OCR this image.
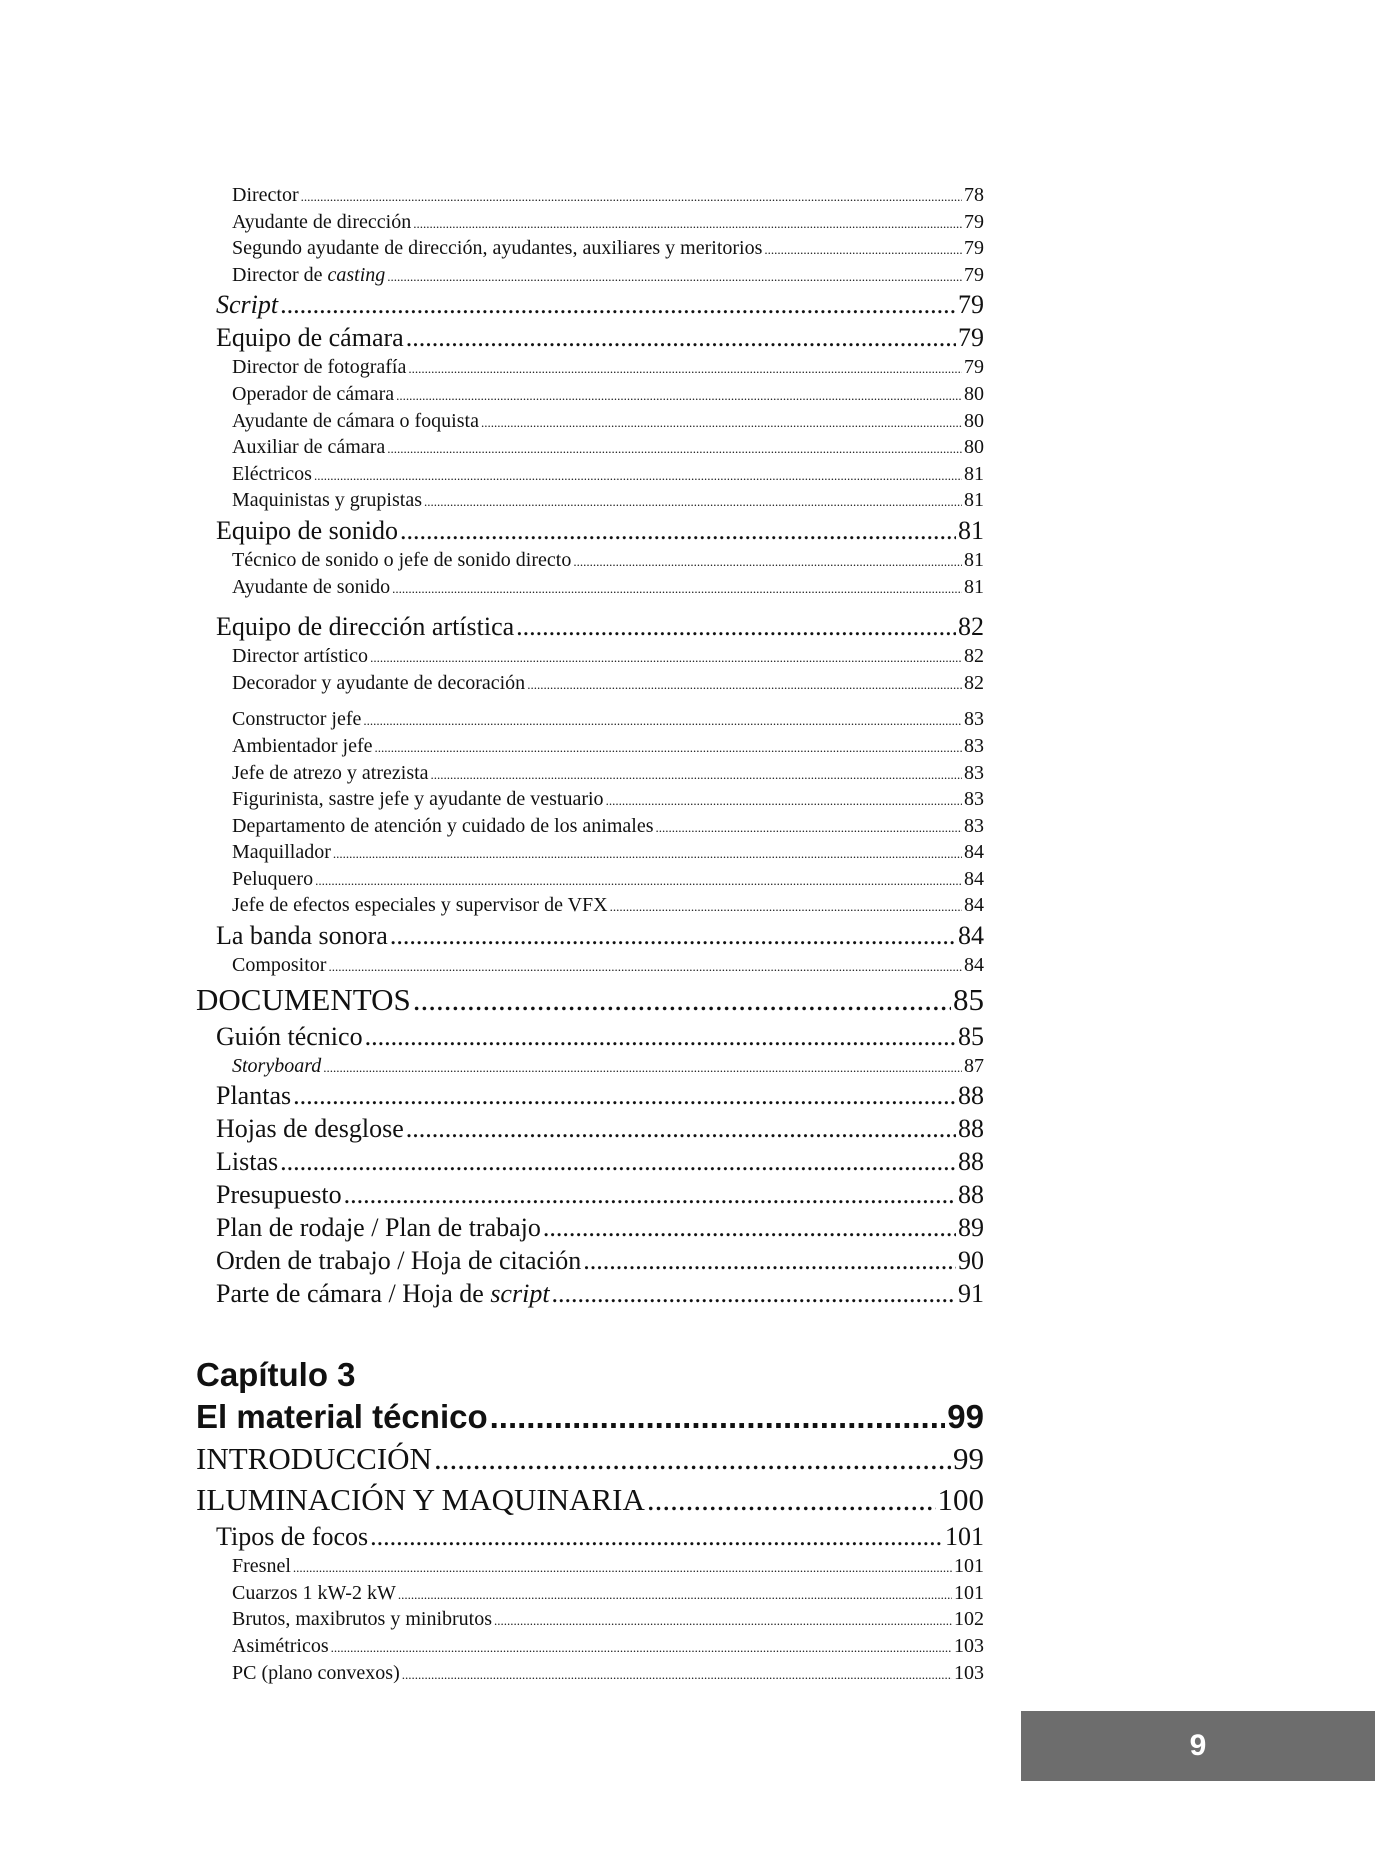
Director .....	78
Ayudante de dirección .....	79
Segundo ayudante de dirección, ayudantes, auxiliares y meritorios .....	79
Director de casting .....	79
Script .....	79
Equipo de cámara .....	79
Director de fotografía .....	79
Operador de cámara .....	80
Ayudante de cámara o foquista .....	80
Auxiliar de cámara .....	80
Eléctricos .....	81
Maquinistas y grupistas .....	81
Equipo de sonido .....	81
Técnico de sonido o jefe de sonido directo .....	81
Ayudante de sonido .....	81
Equipo de dirección artística .....	82
Director artístico .....	82
Decorador y ayudante de decoración .....	82
Constructor jefe .....	83
Ambientador jefe .....	83
Jefe de atrezo y atrezista .....	83
Figurinista, sastre jefe y ayudante de vestuario .....	83
Departamento de atención y cuidado de los animales .....	83
Maquillador .....	84
Peluquero .....	84
Jefe de efectos especiales y supervisor de VFX .....	84
La banda sonora .....	84
Compositor .....	84
DOCUMENTOS .....	85
Guión técnico .....	85
Storyboard .....	87
Plantas .....	88
Hojas de desglose .....	88
Listas .....	88
Presupuesto .....	88
Plan de rodaje / Plan de trabajo .....	89
Orden de trabajo / Hoja de citación .....	90
Parte de cámara / Hoja de script .....	91
Capítulo 3
El material técnico .....	99
INTRODUCCIÓN .....	99
ILUMINACIÓN Y MAQUINARIA .....	100
Tipos de focos .....	101
Fresnel .....	101
Cuarzos 1 kW-2 kW .....	101
Brutos, maxibrutos y minibrutos .....	102
Asimétricos .....	103
PC (plano convexos) .....	103
9
